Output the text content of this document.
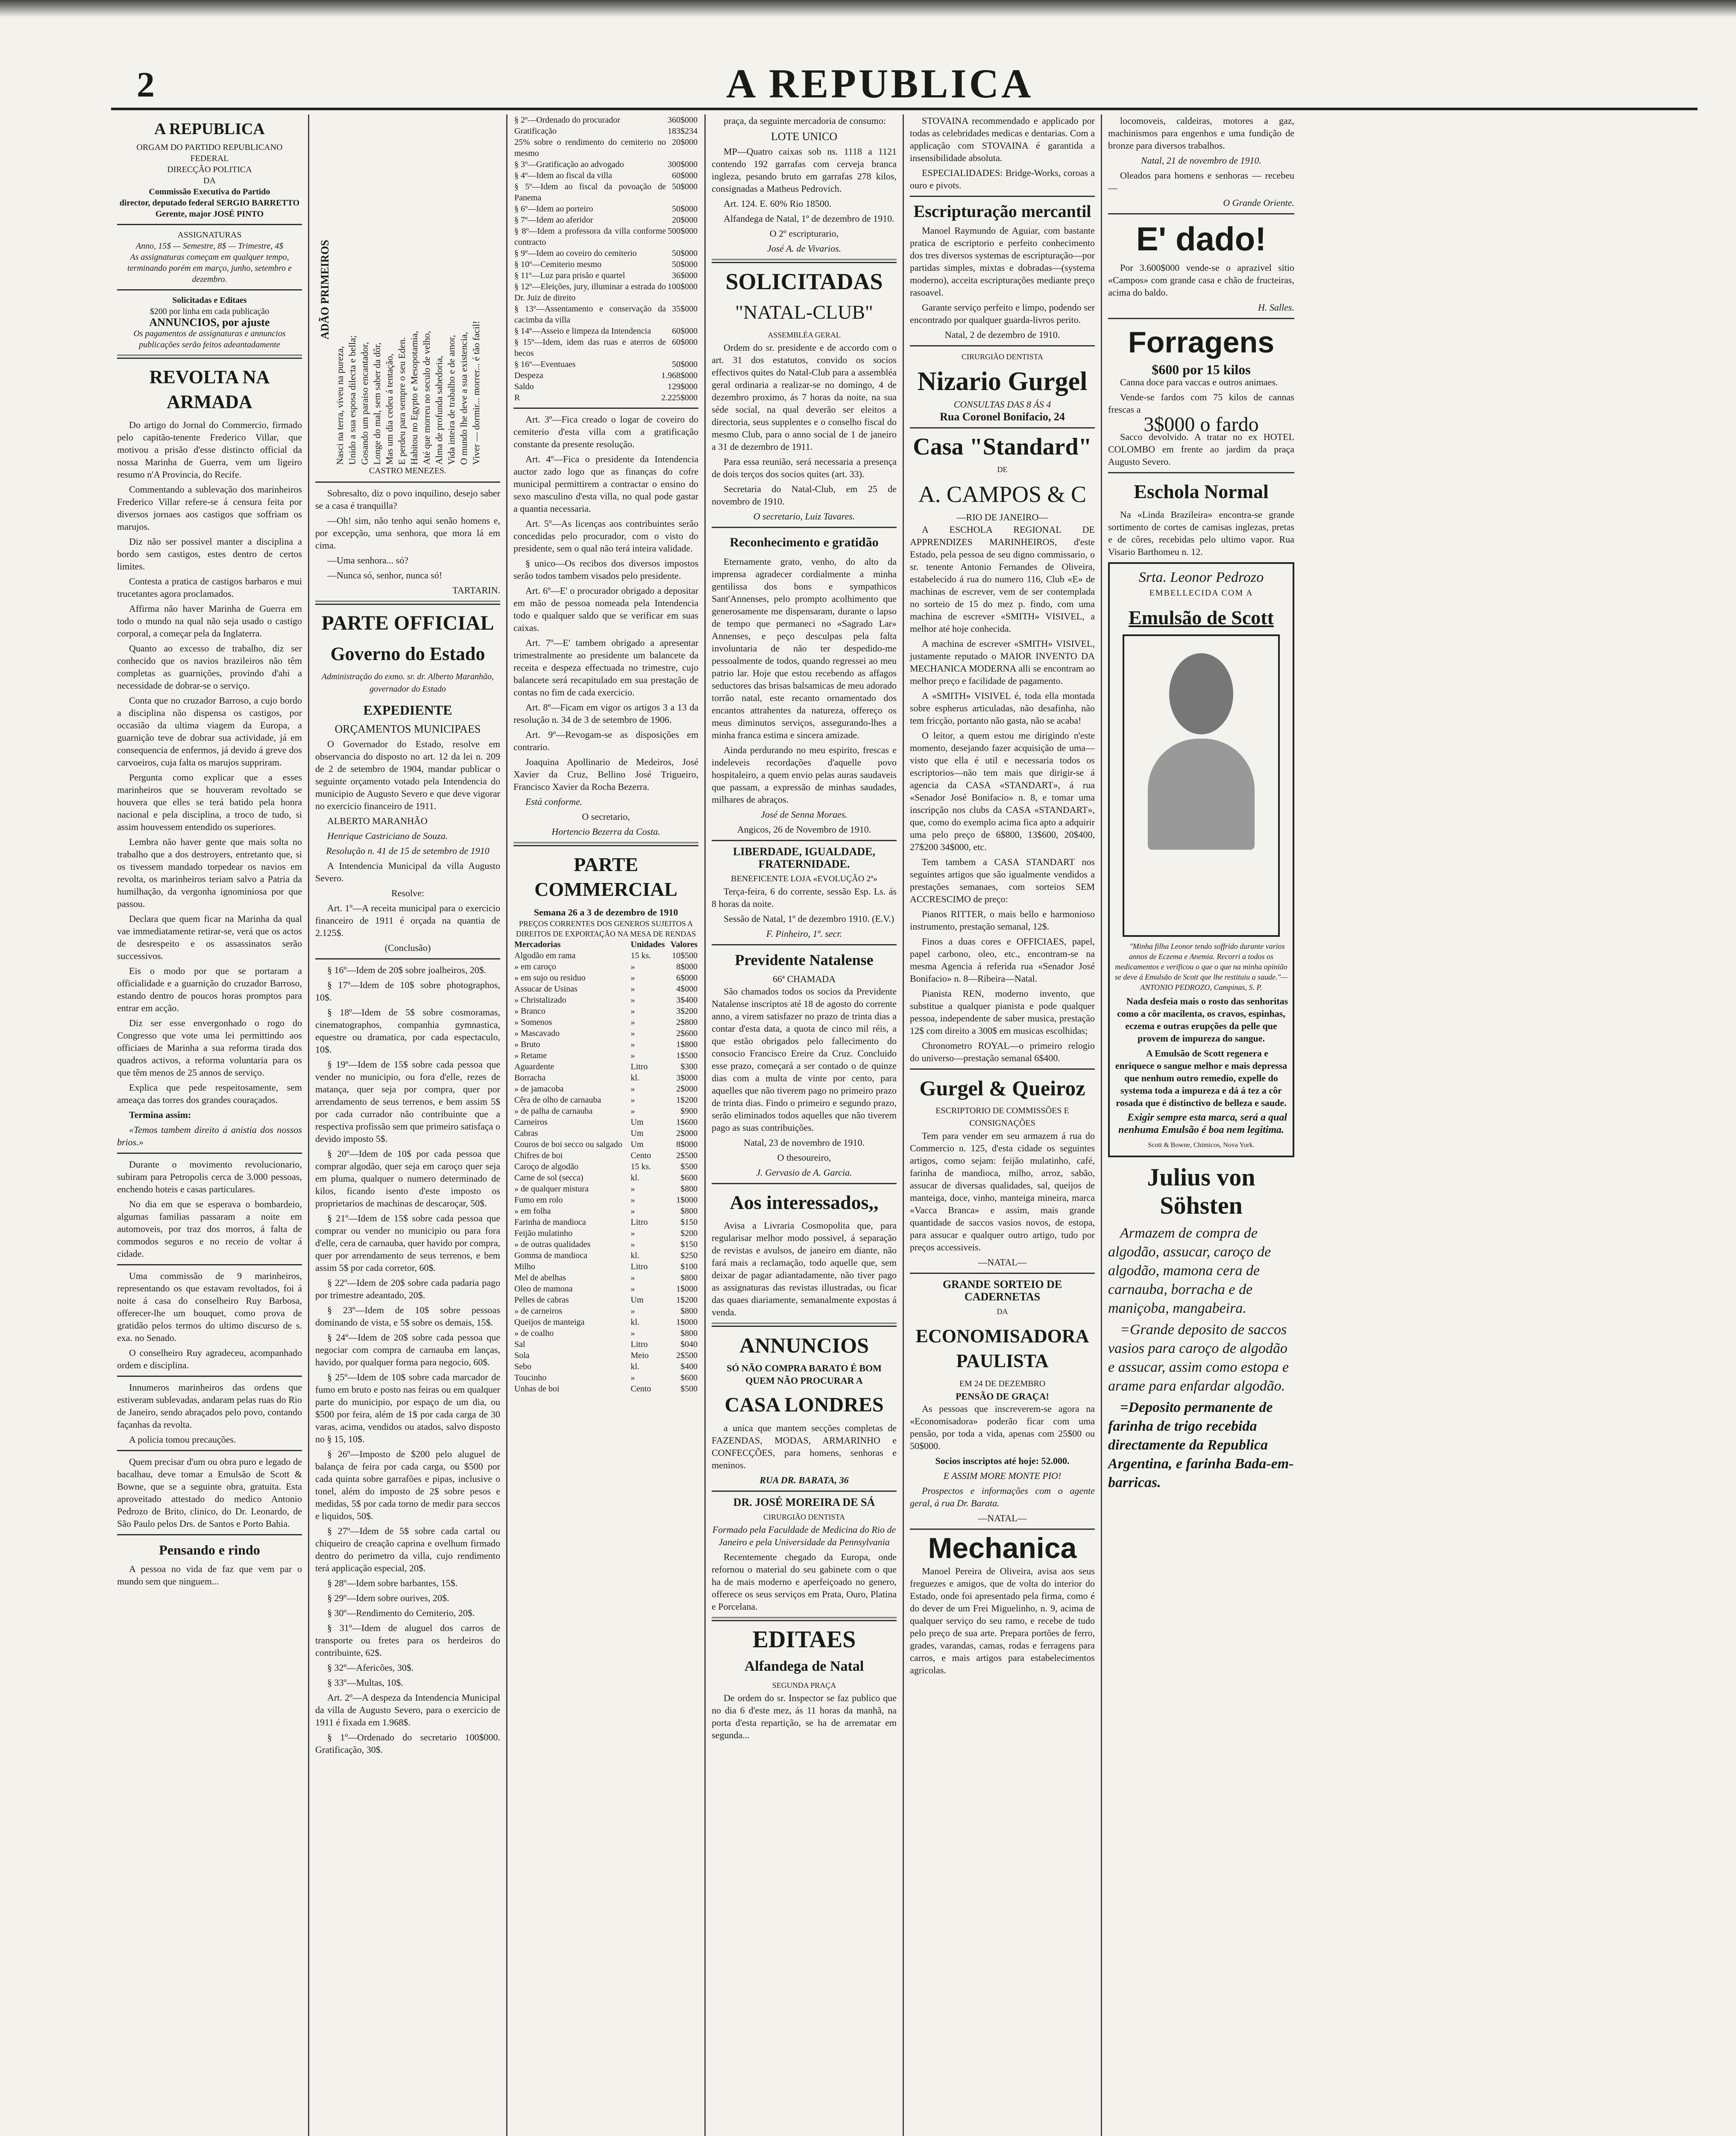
2	A REPUBLICA
A REPUBLICA
ORGAM DO PARTIDO REPUBLICANO FEDERAL
DIRECÇÃO POLITICA
DA
Commissão Executiva do Partido
director, deputado federal SERGIO BARRETTO
Gerente, major JOSÉ PINTO
ASSIGNATURAS
Anno, 15$ — Semestre, 8$ — Trimestre, 4$
As assignaturas começam em qualquer tempo, terminando porém em março, junho, setembro e dezembro.
Solicitadas e Editaes
$200 por linha em cada publicação
ANNUNCIOS, por ajuste
Os pagamentos de assignaturas e annuncios publicações serão feitos adeantadamente
REVOLTA NA ARMADA

Do artigo do Jornal do Commercio, firmado pelo capitão-tenente Frederico Villar, que motivou a prisão d'esse distincto official da nossa Marinha de Guerra, vem um ligeiro resumo n'A Provincia, do Recife.

Commentando a sublevação dos marinheiros Frederico Villar refere-se á censura feita por diversos jornaes aos castigos que soffriam os marujos.

Diz não ser possivel manter a disciplina a bordo sem castigos, estes dentro de certos limites.

Contesta a pratica de castigos barbaros e mui trucetantes agora proclamados.

Affirma não haver Marinha de Guerra em todo o mundo na qual não seja usado o castigo corporal, a começar pela da Inglaterra.

Quanto ao excesso de trabalho, diz ser conhecido que os navios brazileiros não têm completas as guarnições, provindo d'ahi a necessidade de dobrar-se o serviço.

Conta que no cruzador Barroso, a cujo bordo a disciplina não dispensa os castigos, por occasião da ultima viagem da Europa, a guarnição teve de dobrar sua actividade, já em consequencia de enfermos, já devido á greve dos carvoeiros, cuja falta os marujos suppriram.

Pergunta como explicar que a esses marinheiros que se houveram revoltado se houvera que elles se terá batido pela honra nacional e pela disciplina, a troco de tudo, si assim houvessem entendido os superiores.

Lembra não haver gente que mais solta no trabalho que a dos destroyers, entretanto que, si os tivessem mandado torpedear os navios em revolta, os marinheiros teriam salvo a Patria da humilhação, da vergonha ignominiosa por que passou.

Declara que quem ficar na Marinha da qual vae immediatamente retirar-se, verá que os actos de desrespeito e os assassinatos serão successivos.

Eis o modo por que se portaram a officialidade e a guarnição do cruzador Barroso, estando dentro de poucos horas promptos para entrar em acção.

Diz ser esse envergonhado o rogo do Congresso que vote uma lei permittindo aos officiaes de Marinha a sua reforma tirada dos quadros activos, a reforma voluntaria para os que têm menos de 25 annos de serviço.

Explica que pede respeitosamente, sem ameaça das torres dos grandes couraçados.

Termina assim:

«Temos tambem direito á anistia dos nossos brios.»

Durante o movimento revolucionario, subiram para Petropolis cerca de 3.000 pessoas, enchendo hoteis e casas particulares.

No dia em que se esperava o bombardeio, algumas familias passaram a noite em automoveis, por traz dos morros, á falta de commodos seguros e no receio de voltar á cidade.

Uma commissão de 9 marinheiros, representando os que estavam revoltados, foi á noite á casa do conselheiro Ruy Barbosa, offerecer-lhe um bouquet, como prova de gratidão pelos termos do ultimo discurso de s. exa. no Senado.

O conselheiro Ruy agradeceu, acompanhado ordem e disciplina.

Innumeros marinheiros das ordens que estiveram sublevadas, andaram pelas ruas do Rio de Janeiro, sendo abraçados pelo povo, contando façanhas da revolta.

A policia tomou precauções.

Quem precisar d'um ou obra puro e legado de bacalhau, deve tomar a Emulsão de Scott & Bowne, que se a seguinte obra, gratuita. Esta aproveitado attestado do medico Antonio Pedrozo de Brito, clinico, do Dr. Leonardo, de São Paulo pelos Drs. de Santos e Porto Bahia.

Pensando e rindo

A pessoa no vida de faz que vem par o mundo sem que ninguem...

ADÃO PRIMEIROS
Nasci na terra, viveu na pureza, Unido a sua esposa dilecta e bella; Gosando um paraiso encantador, Longe do mal, sem saber da dôr, Mas um dia cedeu á tentação, E perdeu para sempre o seu Eden. Habitou no Egypto e Mesopotamia, Até que morreu no seculo de velho, Alma de profunda sabedoria, Vida inteira de trabalho e de amor, O mundo lhe deve a sua existencia, Viver — dormir... morrer... é tão facil!
CASTRO MENEZES.

Sobresalto, diz o povo inquilino, desejo saber se a casa é tranquilla?

—Oh! sim, não tenho aqui senão homens e, por excepção, uma senhora, que mora lá em cima.

—Uma senhora... só?

—Nunca só, senhor, nunca só!

TARTARIN.
PARTE OFFICIAL
Governo do Estado
Administração do exmo. sr. dr. Alberto Maranhão, governador do Estado
EXPEDIENTE
ORÇAMENTOS MUNICIPAES

O Governador do Estado, resolve em observancia do disposto no art. 12 da lei n. 209 de 2 de setembro de 1904, mandar publicar o seguinte orçamento votado pela Intendencia do municipio de Augusto Severo e que deve vigorar no exercicio financeiro de 1911.

ALBERTO MARANHÃO

Henrique Castriciano de Souza.

Resolução n. 41 de 15 de setembro de 1910

A Intendencia Municipal da villa Augusto Severo.

Resolve:

Art. 1º—A receita municipal para o exercicio financeiro de 1911 é orçada na quantia de 2.125$.

(Conclusão)

§ 16º—Idem de 20$ sobre joalheiros, 20$.

§ 17º—Idem de 10$ sobre photographos, 10$.

§ 18º—Idem de 5$ sobre cosmoramas, cinematographos, companhia gymnastica, equestre ou dramatica, por cada espectaculo, 10$.

§ 19º—Idem de 15$ sobre cada pessoa que vender no municipio, ou fora d'elle, rezes de matança, quer seja por compra, quer por arrendamento de seus terrenos, e bem assim 5$ por cada currador não contribuinte que a respectiva profissão sem que primeiro satisfaça o devido imposto 5$.

§ 20º—Idem de 10$ por cada pessoa que comprar algodão, quer seja em caroço quer seja em pluma, qualquer o numero determinado de kilos, ficando isento d'este imposto os proprietarios de machinas de descaroçar, 50$.

§ 21º—Idem de 15$ sobre cada pessoa que comprar ou vender no municipio ou para fora d'elle, cera de carnauba, quer havido por compra, quer por arrendamento de seus terrenos, e bem assim 5$ por cada corretor, 60$.

§ 22º—Idem de 20$ sobre cada padaria pago por trimestre adeantado, 20$.

§ 23º—Idem de 10$ sobre pessoas dominando de vista, e 5$ sobre os demais, 15$.

§ 24º—Idem de 20$ sobre cada pessoa que negociar com compra de carnauba em lanças, havido, por qualquer forma para negocio, 60$.

§ 25º—Idem de 10$ sobre cada marcador de fumo em bruto e posto nas feiras ou em qualquer parte do municipio, por espaço de um dia, ou $500 por feira, além de 1$ por cada carga de 30 varas, acima, vendidos ou atados, salvo disposto no § 15, 10$.

§ 26º—Imposto de $200 pelo aluguel de balança de feira por cada carga, ou $500 por cada quinta sobre garrafões e pipas, inclusive o tonel, além do imposto de 2$ sobre pesos e medidas, 5$ por cada torno de medir para seccos e liquidos, 50$.

§ 27º—Idem de 5$ sobre cada cartal ou chiqueiro de creação caprina e ovelhum firmado dentro do perimetro da villa, cujo rendimento terá applicação especial, 20$.

§ 28º—Idem sobre barbantes, 15$.

§ 29º—Idem sobre ourives, 20$.

§ 30º—Rendimento do Cemiterio, 20$.

§ 31º—Idem de aluguel dos carros de transporte ou fretes para os herdeiros do contribuinte, 62$.

§ 32º—Afericões, 30$.

§ 33º—Multas, 10$.

Art. 2º—A despeza da Intendencia Municipal da villa de Augusto Severo, para o exercicio de 1911 é fixada em 1.968$.

§ 1º—Ordenado do secretario 100$000. Gratificação, 30$.

§ 2º—Ordenado do procurador	360$000
Gratificação	183$234
25% sobre o rendimento do cemiterio no mesmo	20$000
§ 3º—Gratificação ao advogado	300$000
§ 4º—Idem ao fiscal da villa	60$000
§ 5º—Idem ao fiscal da povoação de Panema	50$000
§ 6º—Idem ao porteiro	50$000
§ 7º—Idem ao aferidor	20$000
§ 8º—Idem a professora da villa conforme contracto	500$000
§ 9º—Idem ao coveiro do cemiterio	50$000
§ 10º—Cemiterio mesmo	50$000
§ 11º—Luz para prisão e quartel	36$000
§ 12º—Eleições, jury, illuminar a estrada do Dr. Juiz de direito	100$000
§ 13º—Assentamento e conservação da cacimba da villa	35$000
§ 14º—Asseio e limpeza da Intendencia	60$000
§ 15º—Idem, idem das ruas e aterros de becos	60$000
§ 16º—Eventuaes	50$000
Despeza	1.968$000
Saldo	129$000
R	2.225$000

Art. 3º—Fica creado o logar de coveiro do cemiterio d'esta villa com a gratificação constante da presente resolução.

Art. 4º—Fica o presidente da Intendencia auctor zado logo que as finanças do cofre municipal permittirem a contractar o ensino do sexo masculino d'esta villa, no qual pode gastar a quantia necessaria.

Art. 5º—As licenças aos contribuintes serão concedidas pelo procurador, com o visto do presidente, sem o qual não terá inteira validade.

§ unico—Os recibos dos diversos impostos serão todos tambem visados pelo presidente.

Art. 6º—E' o procurador obrigado a depositar em mão de pessoa nomeada pela Intendencia todo e qualquer saldo que se verificar em suas caixas.

Art. 7º—E' tambem obrigado a apresentar trimestralmente ao presidente um balancete da receita e despeza effectuada no trimestre, cujo balancete será recapitulado em sua prestação de contas no fim de cada exercicio.

Art. 8º—Ficam em vigor os artigos 3 a 13 da resolução n. 34 de 3 de setembro de 1906.

Art. 9º—Revogam-se as disposições em contrario.

Joaquina Apollinario de Medeiros, José Xavier da Cruz, Bellino José Trigueiro, Francisco Xavier da Rocha Bezerra.

Está conforme.

O secretario,

Hortencio Bezerra da Costa.

PARTE COMMERCIAL
Semana 26 a 3 de dezembro de 1910
PREÇOS CORRENTES DOS GENEROS SUJEITOS A DIREITOS DE EXPORTAÇÃO NA MESA DE RENDAS
Mercadorias	Unidades	Valores
Algodão em rama	15 ks.	10$500
» em caroço	»	8$000
» em sujo ou residuo	»	6$000
Assucar de Usinas	»	4$000
» Christalizado	»	3$400
» Branco	»	3$200
» Somenos	»	2$800
» Mascavado	»	2$600
» Bruto	»	1$800
» Retame	»	1$500
Aguardente	Litro	$300
Borracha	kl.	3$000
» de jamacoba	»	2$000
Cêra de olho de carnauba	»	1$200
» de palha de carnauba	»	$900
Carneiros	Um	1$600
Cabras	Um	2$000
Couros de boi secco ou salgado	Um	8$000
Chifres de boi	Cento	2$500
Caroço de algodão	15 ks.	$500
Carne de sol (secca)	kl.	$600
» de qualquer mistura	»	$800
Fumo em rolo	»	1$000
» em folha	»	$800
Farinha de mandioca	Litro	$150
Feijão mulatinho	»	$200
» de outras qualidades	»	$150
Gomma de mandioca	kl.	$250
Milho	Litro	$100
Mel de abelhas	»	$800
Oleo de mamona	»	1$000
Pelles de cabras	Um	1$200
» de carneiros	»	$800
Queijos de manteiga	kl.	1$000
» de coalho	»	$800
Sal	Litro	$040
Sola	Meio	2$500
Sebo	kl.	$400
Toucinho	»	$600
Unhas de boi	Cento	$500

praça, da seguinte mercadoria de consumo:

LOTE UNICO

MP—Quatro caixas sob ns. 1118 a 1121 contendo 192 garrafas com cerveja branca ingleza, pesando bruto em garrafas 278 kilos, consignadas a Matheus Pedrovich.

Art. 124. E. 60% Rio 18500.

Alfandega de Natal, 1º de dezembro de 1910.

O 2º escripturario,

José A. de Vivarios.

SOLICITADAS
"NATAL-CLUB"
ASSEMBLÉA GERAL

Ordem do sr. presidente e de accordo com o art. 31 dos estatutos, convido os socios effectivos quites do Natal-Club para a assembléa geral ordinaria a realizar-se no domingo, 4 de dezembro proximo, ás 7 horas da noite, na sua séde social, na qual deverão ser eleitos a directoria, seus supplentes e o conselho fiscal do mesmo Club, para o anno social de 1 de janeiro a 31 de dezembro de 1911.

Para essa reunião, será necessaria a presença de dois terços dos socios quites (art. 33).

Secretaria do Natal-Club, em 25 de novembro de 1910.

O secretario, Luiz Tavares.

Reconhecimento e gratidão

Eternamente grato, venho, do alto da imprensa agradecer cordialmente a minha gentilissa dos bons e sympathicos Sant'Annenses, pelo prompto acolhimento que generosamente me dispensaram, durante o lapso de tempo que permaneci no «Sagrado Lar» Annenses, e peço desculpas pela falta involuntaria de não ter despedido-me pessoalmente de todos, quando regressei ao meu patrio lar. Hoje que estou recebendo as affagos seductores das brisas balsamicas de meu adorado torrão natal, este recanto ornamentado dos encantos attrahentes da natureza, offereço os meus diminutos serviços, assegurando-lhes a minha franca estima e sincera amizade.

Ainda perdurando no meu espirito, frescas e indeleveis recordações d'aquelle povo hospitaleiro, a quem envio pelas auras saudaveis que passam, a expressão de minhas saudades, milhares de abraços.

José de Senna Moraes.

Angicos, 26 de Novembro de 1910.

LIBERDADE, IGUALDADE, FRATERNIDADE.
BENEFICENTE LOJA «EVOLUÇÃO 2ª»

Terça-feira, 6 do corrente, sessão Esp. Ls. ás 8 horas da noite.

Sessão de Natal, 1º de dezembro 1910. (E.V.)

F. Pinheiro, 1º. secr.

Previdente Natalense
66ª CHAMADA

São chamados todos os socios da Previdente Natalense inscriptos até 18 de agosto do corrente anno, a virem satisfazer no prazo de trinta dias a contar d'esta data, a quota de cinco mil réis, a que estão obrigados pelo fallecimento do consocio Francisco Ereire da Cruz. Concluido esse prazo, começará a ser contado o de quinze dias com a multa de vinte por cento, para aquelles que não tiverem pago no primeiro prazo de trinta dias. Findo o primeiro e segundo prazo, serão eliminados todos aquelles que não tiverem pago as suas contribuições.

Natal, 23 de novembro de 1910.

O thesoureiro,

J. Gervasio de A. Garcia.

Aos interessados,,

Avisa a Livraria Cosmopolita que, para regularisar melhor modo possivel, á separação de revistas e avulsos, de janeiro em diante, não fará mais a reclamação, todo aquelle que, sem deixar de pagar adiantadamente, não tiver pago as assignaturas das revistas illustradas, ou ficar das quaes diariamente, semanalmente expostas á venda.

ANNUNCIOS
SÓ NÃO COMPRA BARATO É BOM QUEM NÃO PROCURAR A
CASA LONDRES

a unica que mantem secções completas de FAZENDAS, MODAS, ARMARINHO e CONFECÇÕES, para homens, senhoras e meninos.

RUA DR. BARATA, 36
DR. JOSÉ MOREIRA DE SÁ
CIRURGIÃO DENTISTA

Formado pela Faculdade de Medicina do Rio de Janeiro e pela Universidade da Pennsylvania

Recentemente chegado da Europa, onde refornou o material do seu gabinete com o que ha de mais moderno e aperfeiçoado no genero, offerece os seus serviços em Prata, Ouro, Platina e Porcelana.

EDITAES
Alfandega de Natal
SEGUNDA PRAÇA

De ordem do sr. Inspector se faz publico que no dia 6 d'este mez, ás 11 horas da manhã, na porta d'esta repartição, se ha de arrematar em segunda...

STOVAINA recommendado e applicado por todas as celebridades medicas e dentarias. Com a applicação com STOVAINA é garantida a insensibilidade absoluta.

ESPECIALIDADES: Bridge-Works, coroas a ouro e pivots.

Escripturação mercantil

Manoel Raymundo de Aguiar, com bastante pratica de escriptorio e perfeito conhecimento dos tres diversos systemas de escripturação—por partidas simples, mixtas e dobradas—(systema moderno), acceita escripturações mediante preço rasoavel.

Garante serviço perfeito e limpo, podendo ser encontrado por qualquer guarda-livros perito.

Natal, 2 de dezembro de 1910.

CIRURGIÃO DENTISTA
Nizario Gurgel
CONSULTAS DAS 8 ÁS 4
Rua Coronel Bonifacio, 24
Casa "Standard"
DE
A. CAMPOS & C
—RIO DE JANEIRO—

A ESCHOLA REGIONAL DE APPRENDIZES MARINHEIROS, d'este Estado, pela pessoa de seu digno commissario, o sr. tenente Antonio Fernandes de Oliveira, estabelecido á rua do numero 116, Club «E» de machinas de escrever, vem de ser contemplada no sorteio de 15 do mez p. findo, com uma machina de escrever «SMITH» VISIVEL, a melhor até hoje conhecida.

A machina de escrever «SMITH» VISIVEL, justamente reputado o MAIOR INVENTO DA MECHANICA MODERNA alli se encontram ao melhor preço e facilidade de pagamento.

A «SMITH» VISIVEL é, toda ella montada sobre espherus articuladas, não desafinha, não tem fricção, portanto não gasta, não se acaba!

O leitor, a quem estou me dirigindo n'este momento, desejando fazer acquisição de uma—visto que ella é util e necessaria todos os escriptorios—não tem mais que dirigir-se á agencia da CASA «STANDART», á rua «Senador José Bonifacio» n. 8, e tomar uma inscripção nos clubs da CASA «STANDART», que, como do exemplo acima fica apto a adquirir uma pelo preço de 6$800, 13$600, 20$400, 27$200 34$000, etc.

Tem tambem a CASA STANDART nos seguintes artigos que são igualmente vendidos a prestações semanaes, com sorteios SEM ACCRESCIMO de preço:

Pianos RITTER, o mais bello e harmonioso instrumento, prestação semanal, 12$.

Finos a duas cores e OFFICIAES, papel, papel carbono, oleo, etc., encontram-se na mesma Agencia á referida rua «Senador José Bonifacio» n. 8—Ribeira—Natal.

Pianista REN, moderno invento, que substitue a qualquer pianista e pode qualquer pessoa, independente de saber musica, prestação 12$ com direito a 300$ em musicas escolhidas;

Chronometro ROYAL—o primeiro relogio do universo—prestação semanal 6$400.

Gurgel & Queiroz
ESCRIPTORIO DE COMMISSÕES E CONSIGNAÇÕES

Tem para vender em seu armazem á rua do Commercio n. 125, d'esta cidade os seguintes artigos, como sejam: feijão mulatinho, café, farinha de mandioca, milho, arroz, sabão, assucar de diversas qualidades, sal, queijos de manteiga, doce, vinho, manteiga mineira, marca «Vacca Branca» e assim, mais grande quantidade de saccos vasios novos, de estopa, para assucar e qualquer outro artigo, tudo por preços accessiveis.

—NATAL—
GRANDE SORTEIO DE CADERNETAS
DA
ECONOMISADORA PAULISTA
EM 24 DE DEZEMBRO
PENSÃO DE GRAÇA!

As pessoas que inscreverem-se agora na «Economisadora» poderão ficar com uma pensão, por toda a vida, apenas com 25$00 ou 50$000.

Socios inscriptos até hoje: 52.000.

E ASSIM MORE MONTE PIO!

Prospectos e informações com o agente geral, á rua Dr. Barata.

—NATAL—
Mechanica

Manoel Pereira de Oliveira, avisa aos seus freguezes e amigos, que de volta do interior do Estado, onde foi apresentado pela firma, como é do dever de um Frei Miguelinho, n. 9, acima de qualquer serviço do seu ramo, e recebe de tudo pelo preço de sua arte. Prepara portões de ferro, grades, varandas, camas, rodas e ferragens para carros, e mais artigos para estabelecimentos agricolas.

locomoveis, caldeiras, motores a gaz, machinismos para engenhos e uma fundição de bronze para diversos trabalhos.

Natal, 21 de novembro de 1910.

Oleados para homens e senhoras — recebeu—

O Grande Oriente.

E' dado!

Por 3.600$000 vende-se o aprazivel sitio «Campos» com grande casa e chão de fructeiras, acima do baldo.

H. Salles.

Forragens
$600 por 15 kilos

Canna doce para vaccas e outros animaes.

Vende-se fardos com 75 kilos de cannas frescas a

3$000 o fardo

Sacco devolvido. A tratar no ex HOTEL COLOMBO em frente ao jardim da praça Augusto Severo.

Eschola Normal

Na «Linda Brazileira» encontra-se grande sortimento de cortes de camisas inglezas, pretas e de côres, recebidas pelo ultimo vapor. Rua Visario Barthomeu n. 12.

Srta. Leonor Pedrozo
EMBELLECIDA COM A
Emulsão de Scott

"Minha filha Leonor tendo soffrido durante varios annos de Eczema e Anemia. Recorri a todos os medicamentos e verificou o que o que na minha opinião se deve á Emulsão de Scott que lhe restituiu a saude."—ANTONIO PEDROZO, Campinas, S. P.

Nada desfeia mais o rosto das senhoritas como a côr macilenta, os cravos, espinhas, eczema e outras erupções da pelle que provem de impureza do sangue.

A Emulsão de Scott regenera e enriquece o sangue melhor e mais depressa que nenhum outro remedio, expelle do systema toda a impureza e dá á tez a côr rosada que é distinctivo de belleza e saude.

Exigir sempre esta marca, será a qual nenhuma Emulsão é boa nem legitima.

Scott & Bowne, Chimicos, Nova York.
Julius von Söhsten

Armazem de compra de algodão, assucar, caroço de algodão, mamona cera de carnauba, borracha e de maniçoba, mangabeira.

=Grande deposito de saccos vasios para caroço de algodão e assucar, assim como estopa e arame para enfardar algodão.

=Deposito permanente de farinha de trigo recebida directamente da Republica Argentina, e farinha Bada-em-barricas.
